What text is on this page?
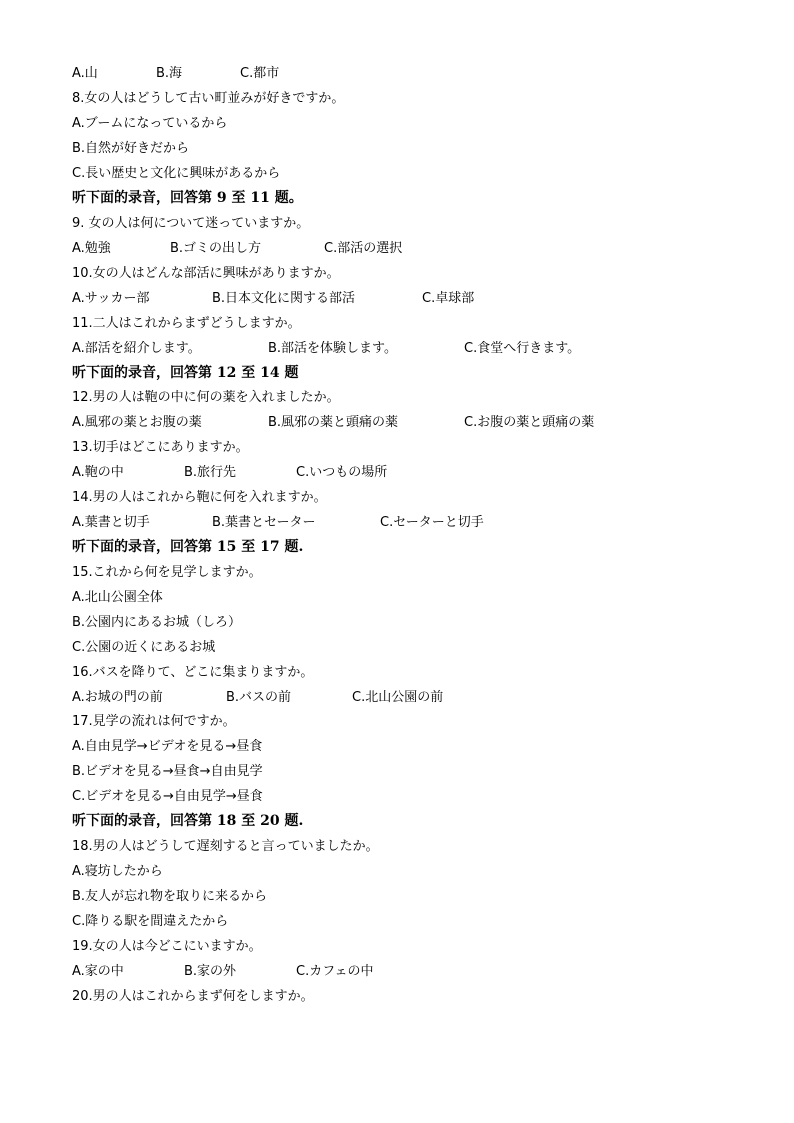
A.山	B.海	C.都市
8.女の人はどうして古い町並みが好きですか。
A.ブームになっているから
B.自然が好きだから
C.長い歴史と文化に興味があるから
听下面的录音，回答第 9 至 11 题。
9. 女の人は何について迷っていますか。
A.勉強	B.ゴミの出し方	C.部活の選択
10.女の人はどんな部活に興味がありますか。
A.サッカー部	B.日本文化に関する部活	C.卓球部
11.二人はこれからまずどうしますか。
A.部活を紹介します。	B.部活を体験します。	C.食堂へ行きます。
听下面的录音，回答第 12 至 14 题
12.男の人は鞄の中に何の薬を入れましたか。
A.風邪の薬とお腹の薬	B.風邪の薬と頭痛の薬	C.お腹の薬と頭痛の薬
13.切手はどこにありますか。
A.鞄の中	B.旅行先	C.いつもの場所
14.男の人はこれから鞄に何を入れますか。
A.葉書と切手	B.葉書とセーター	C.セーターと切手
听下面的录音，回答第 15 至 17 题.
15.これから何を見学しますか。
A.北山公園全体
B.公園内にあるお城（しろ）
C.公園の近くにあるお城
16.バスを降りて、どこに集まりますか。
A.お城の門の前	B.バスの前	C.北山公園の前
17.見学の流れは何ですか。
A.自由見学→ビデオを見る→昼食
B.ビデオを見る→昼食→自由見学
C.ビデオを見る→自由見学→昼食
听下面的录音，回答第 18 至 20 题.
18.男の人はどうして遅刻すると言っていましたか。
A.寝坊したから
B.友人が忘れ物を取りに来るから
C.降りる駅を間違えたから
19.女の人は今どこにいますか。
A.家の中	B.家の外	C.カフェの中
20.男の人はこれからまず何をしますか。
